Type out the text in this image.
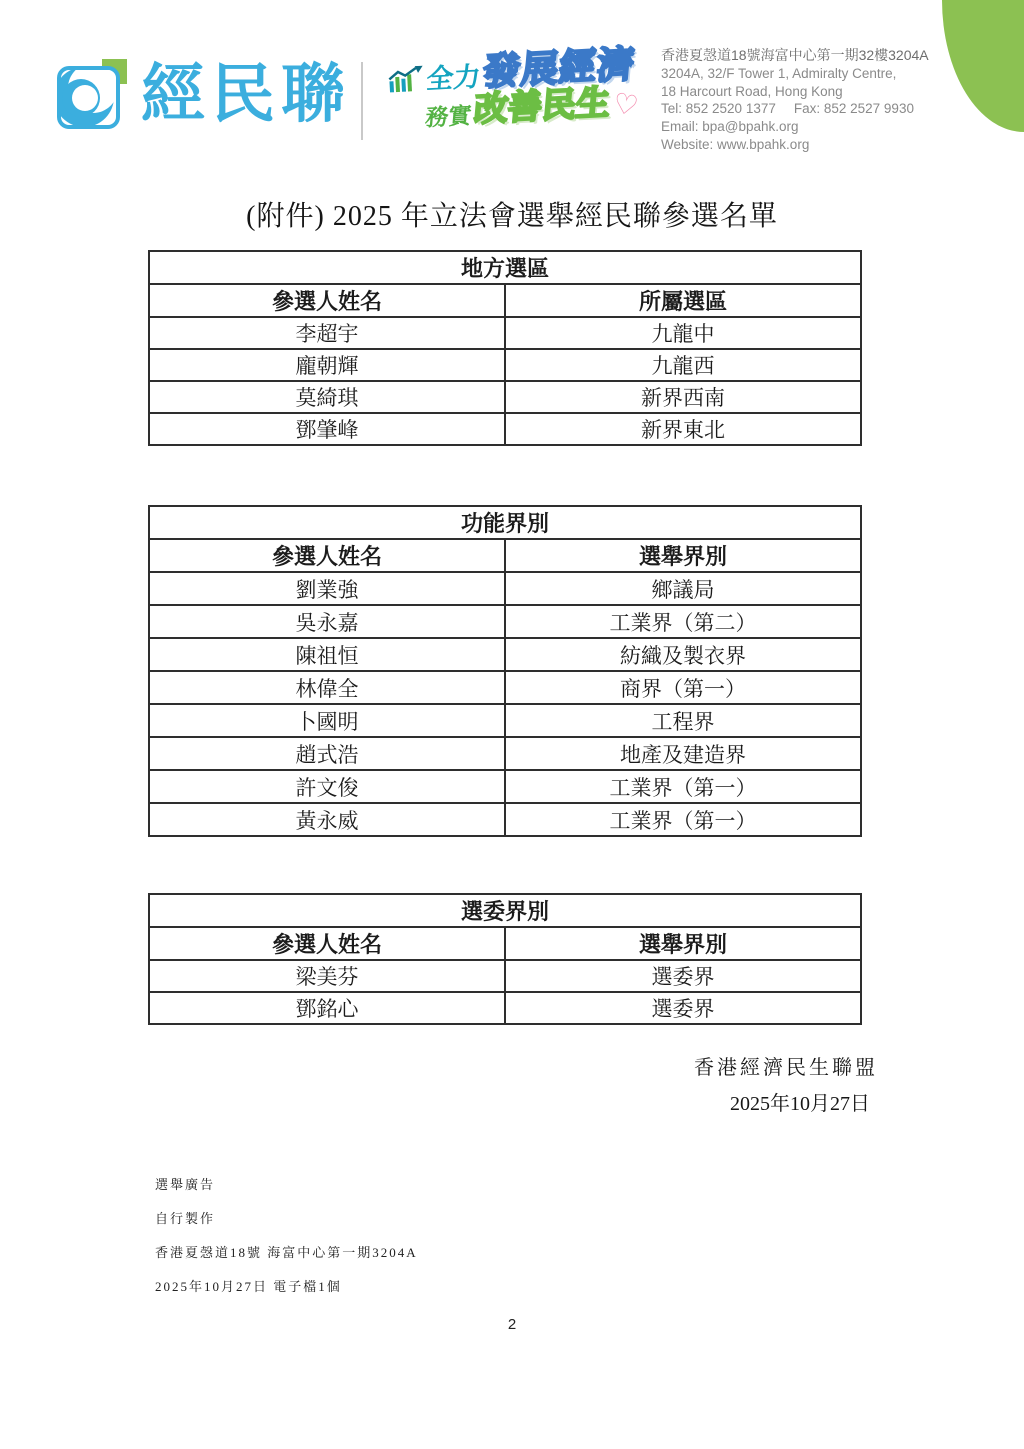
經民聯	全力 發展經濟
務實 改善民生
♡
香港夏愨道18號海富中心第一期32樓3204A
3204A, 32/F Tower 1, Admiralty Centre,
18 Harcourt Road, Hong Kong
Tel: 852 2520 1377 Fax: 852 2527 9930
Email: bpa@bpahk.org
Website: www.bpahk.org
(附件) 2025 年立法會選舉經民聯參選名單
地方選區	
參選人姓名	所屬選區
李超宇	九龍中
龐朝輝	九龍西
莫綺琪	新界西南
鄧肇峰	新界東北
功能界別	
參選人姓名	選舉界別
劉業強	鄉議局
吳永嘉	工業界（第二）
陳祖恒	紡織及製衣界
林偉全	商界（第一）
卜國明	工程界
趙式浩	地產及建造界
許文俊	工業界（第一）
黃永威	工業界（第一）
選委界別	
參選人姓名	選舉界別
梁美芬	選委界
鄧銘心	選委界
香港經濟民生聯盟
2025年10月27日
選舉廣告
自行製作
香港夏愨道18號 海富中心第一期3204A
2025年10月27日 電子檔1個
2
